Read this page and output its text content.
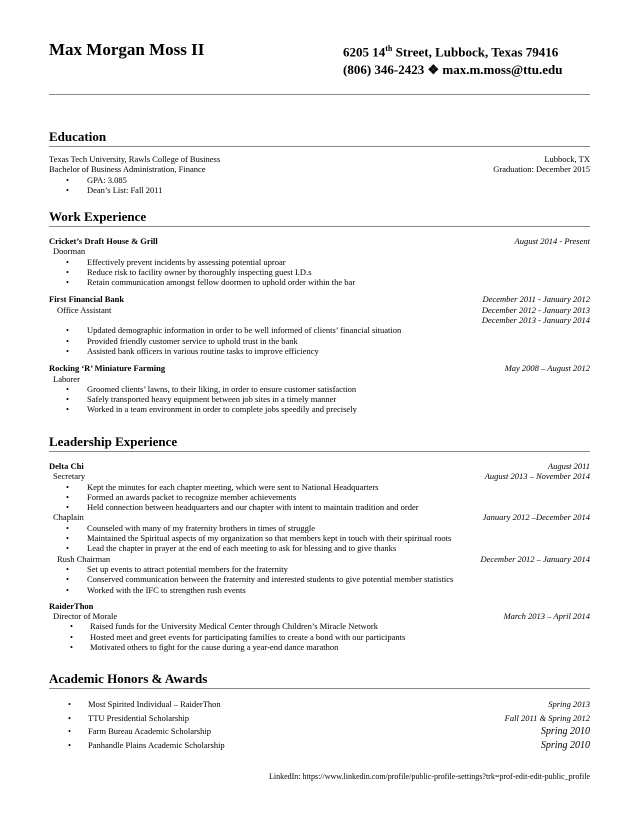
Max Morgan Moss II	6205 14th Street, Lubbock, Texas 79416
(806) 346-2423 ❖ max.m.moss@ttu.edu
Education
Texas Tech University, Rawls College of Business	Lubbock, TX
Bachelor of Business Administration, Finance	Graduation: December 2015
• GPA: 3.085
• Dean’s List: Fall 2011
Work Experience
Cricket’s Draft House & Grill	August 2014 - Present
Doorman
• Effectively prevent incidents by assessing potential uproar
• Reduce risk to facility owner by thoroughly inspecting guest I.D.s
• Retain communication amongst fellow doormen to uphold order within the bar
First Financial Bank	December 2011 - January 2012
Office Assistant	December 2012 - January 2013
December 2013 - January 2014
• Updated demographic information in order to be well informed of clients’ financial situation
• Provided friendly customer service to uphold trust in the bank
• Assisted bank officers in various routine tasks to improve efficiency
Rocking ‘R’ Miniature Farming	May 2008 – August 2012
Laborer
• Groomed clients’ lawns, to their liking, in order to ensure customer satisfaction
• Safely transported heavy equipment between job sites in a timely manner
• Worked in a team environment in order to complete jobs speedily and precisely
Leadership Experience
Delta Chi	August 2011
Secretary	August 2013 – November 2014
• Kept the minutes for each chapter meeting, which were sent to National Headquarters
• Formed an awards packet to recognize member achievements
• Held connection between headquarters and our chapter with intent to maintain tradition and order
Chaplain	January 2012 –December 2014
• Counseled with many of my fraternity brothers in times of struggle
• Maintained the Spiritual aspects of my organization so that members kept in touch with their spiritual roots
• Lead the chapter in prayer at the end of each meeting to ask for blessing and to give thanks
Rush Chairman	December 2012 – January 2014
• Set up events to attract potential members for the fraternity
• Conserved communication between the fraternity and interested students to give potential member statistics
• Worked with the IFC to strengthen rush events
RaiderThon
Director of Morale	March 2013 – April 2014
• Raised funds for the University Medical Center through Children’s Miracle Network
• Hosted meet and greet events for participating families to create a bond with our participants
• Motivated others to fight for the cause during a year-end dance marathon
Academic Honors & Awards
• Most Spirited Individual – RaiderThon	Spring 2013
• TTU Presidential Scholarship	Fall 2011 & Spring 2012
• Farm Bureau Academic Scholarship	Spring 2010
• Panhandle Plains Academic Scholarship	Spring 2010
LinkedIn: https://www.linkedin.com/profile/public-profile-settings?trk=prof-edit-edit-public_profile
